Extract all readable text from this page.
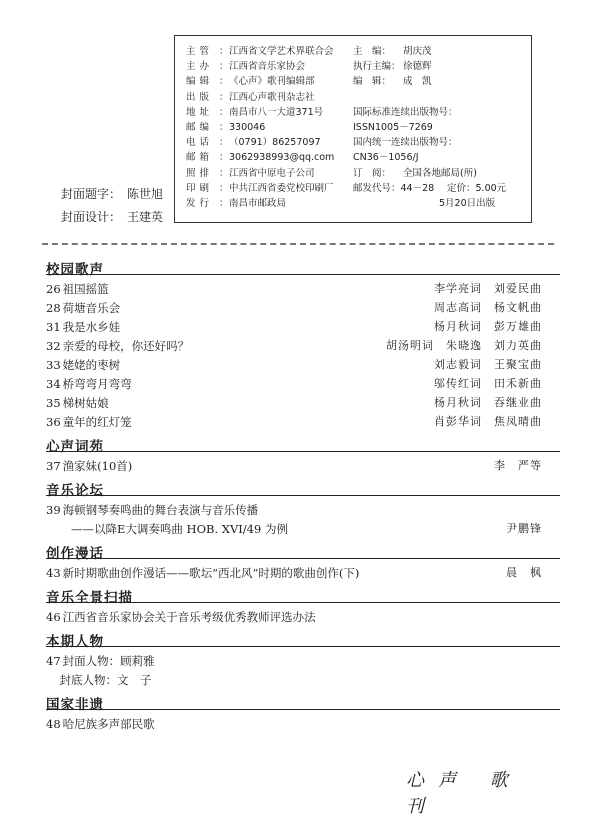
主管 ： 江西省文学艺术界联合会 主　编： 胡庆茂
主办 ： 江西省音乐家协会	执行主编： 徐德辉
编辑 ： 《心声》歌刊编辑部	编　辑： 成　凯
出版 ： 江西心声歌刊杂志社
地址 ： 南昌市八一大道371号	国际标准连续出版物号：
邮编 ： 330046	ISSN1005－7269
电话 ： （0791）86257097	国内统一连续出版物号：
邮箱 ： 3062938993@qq.com CN36－1056/J
照排 ： 江西省中原电子公司	订　阅： 全国各地邮局(所)
印刷 ： 中共江西省委党校印刷厂 邮发代号：44－28 定价：5.00元
发行 ： 南昌市邮政局	5月20日出版
封面题字： 陈世旭
封面设计： 王建英
校园歌声
26 祖国摇篮	李学亮词　刘爱民曲
28 荷塘音乐会	周志高词　杨文帆曲
31 我是水乡娃	杨月秋词　彭万雄曲
32 亲爱的母校，你还好吗？	胡汤明词　朱晓逸　刘力英曲
33 姥姥的枣树	刘志毅词　王聚宝曲
34 桥弯弯月弯弯	邬传红词　田禾新曲
35 梯树姑娘	杨月秋词　吞继业曲
36 童年的红灯笼	肖彭华词　焦凤晴曲
心声词苑
37 渔家妹(10首)	李　严等
音乐论坛
39 海顿钢琴奏鸣曲的舞台表演与音乐传播
　　——以降E大调奏鸣曲 HOB. XVI/49 为例	尹鹏锋
创作漫话
43 新时期歌曲创作漫话——歌坛“西北风”时期的歌曲创作(下)	晨　枫
音乐全景扫描
46 江西省音乐家协会关于音乐考级优秀教师评选办法
本期人物
47 封面人物：顾莉雅
　封底人物：文　子
国家非遗
48 哈尼族多声部民歌
心声 歌刊
